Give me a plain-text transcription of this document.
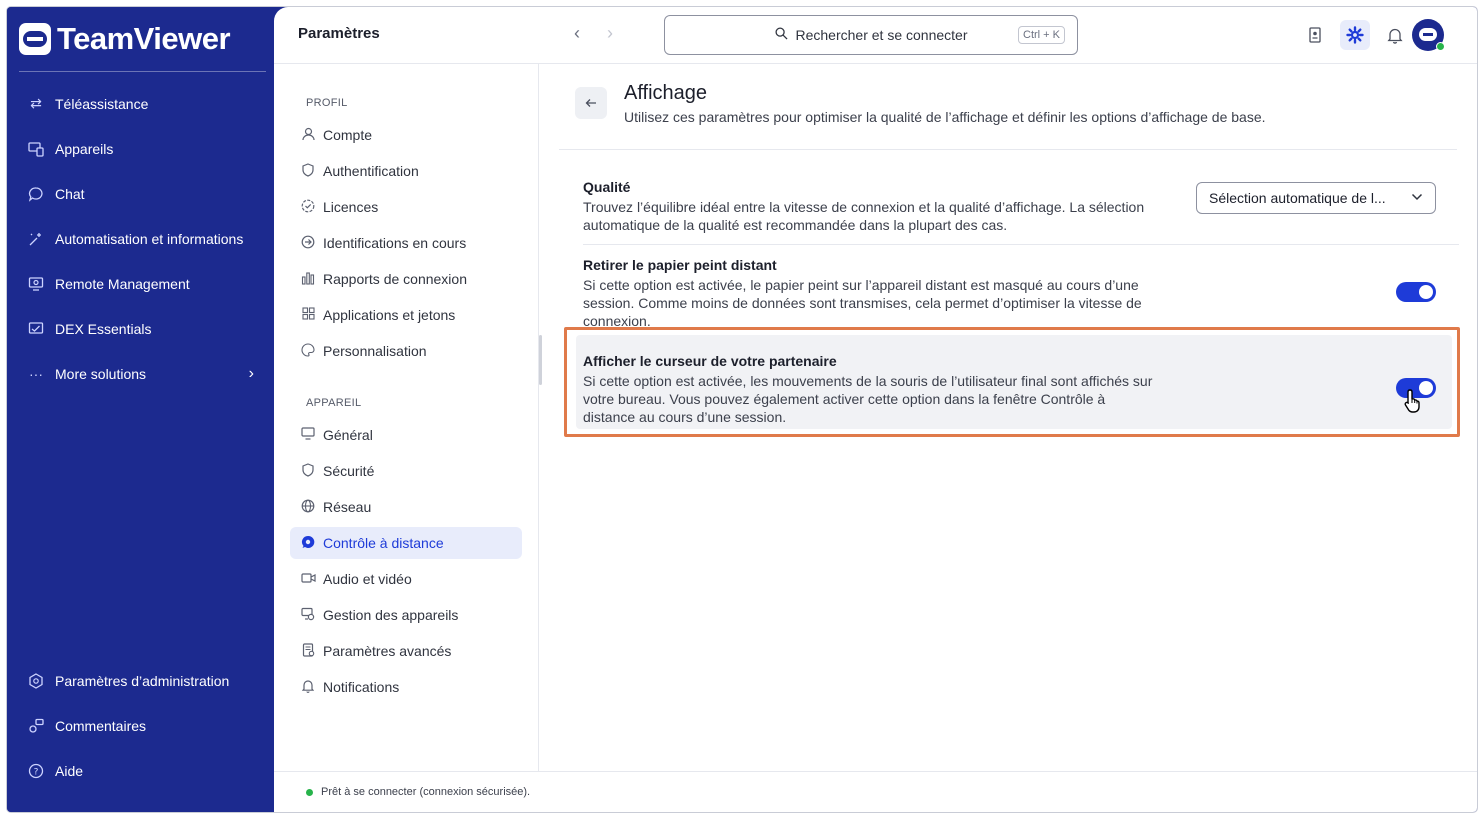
TeamViewer
⇄ Téléassistance
Appareils
Chat
Automatisation et informations
Remote Management
DEX Essentials
··· More solutions	›
Paramètres d’administration
Commentaires
? Aide
Paramètres	‹ ›	Rechercher et se connecter	Ctrl + K
PROFIL
Compte
Authentification
Licences
Identifications en cours
Rapports de connexion
Applications et jetons
Personnalisation
APPAREIL
Général
Sécurité
Réseau
Contrôle à distance
Audio et vidéo
Gestion des appareils
Paramètres avancés
Notifications
Affichage
Utilisez ces paramètres pour optimiser la qualité de l’affichage et définir les options d’affichage de base.
Qualité
Trouvez l’équilibre idéal entre la vitesse de connexion et la qualité d’affichage. La sélection automatique de la qualité est recommandée dans la plupart des cas.
Sélection automatique de l...
Retirer le papier peint distant
Si cette option est activée, le papier peint sur l’appareil distant est masqué au cours d’une session. Comme moins de données sont transmises, cela permet d’optimiser la vitesse de connexion.
Afficher le curseur de votre partenaire
Si cette option est activée, les mouvements de la souris de l’utilisateur final sont affichés sur votre bureau. Vous pouvez également activer cette option dans la fenêtre Contrôle à distance au cours d’une session.
Prêt à se connecter (connexion sécurisée).
